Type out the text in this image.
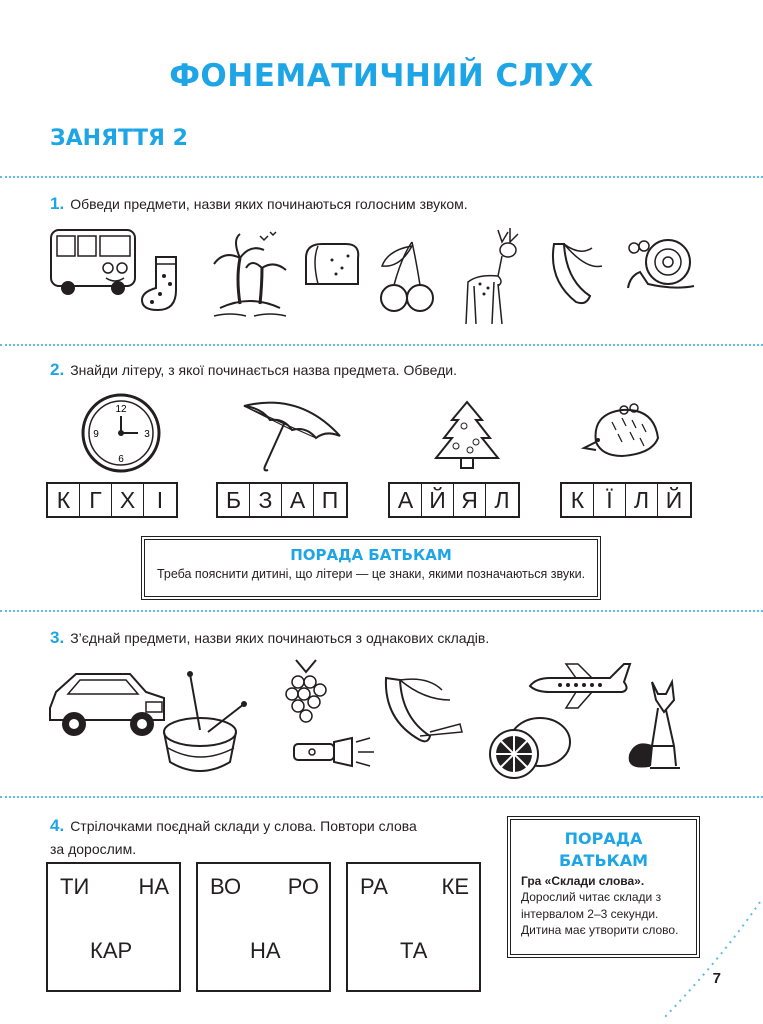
ФОНЕМАТИЧНИЙ СЛУХ
ЗАНЯТТЯ 2
1. Обведи предмети, назви яких починаються голосним звуком.
2. Знайди літеру, з якої починається назва предмета. Обведи.
12
3
6
9
К Г Х І	Б З А П	А Й Я Л	К Ї Л Й
ПОРАДА БАТЬКАМ
Треба пояснити дитині, що літери — це знаки, якими позначаються звуки.
3. З’єднай предмети, назви яких починаються з однакових складів.
4. Стрілочками поєднай склади у слова. Повтори слова
за дорослим.
ТИ НА
КАР
ВО РО
НА
РА КЕ
ТА
ПОРАДА
БАТЬКАМ
Гра «Склади слова». Дорослий читає склади з інтервалом 2–3 секунди. Дитина має утворити слово.
7
